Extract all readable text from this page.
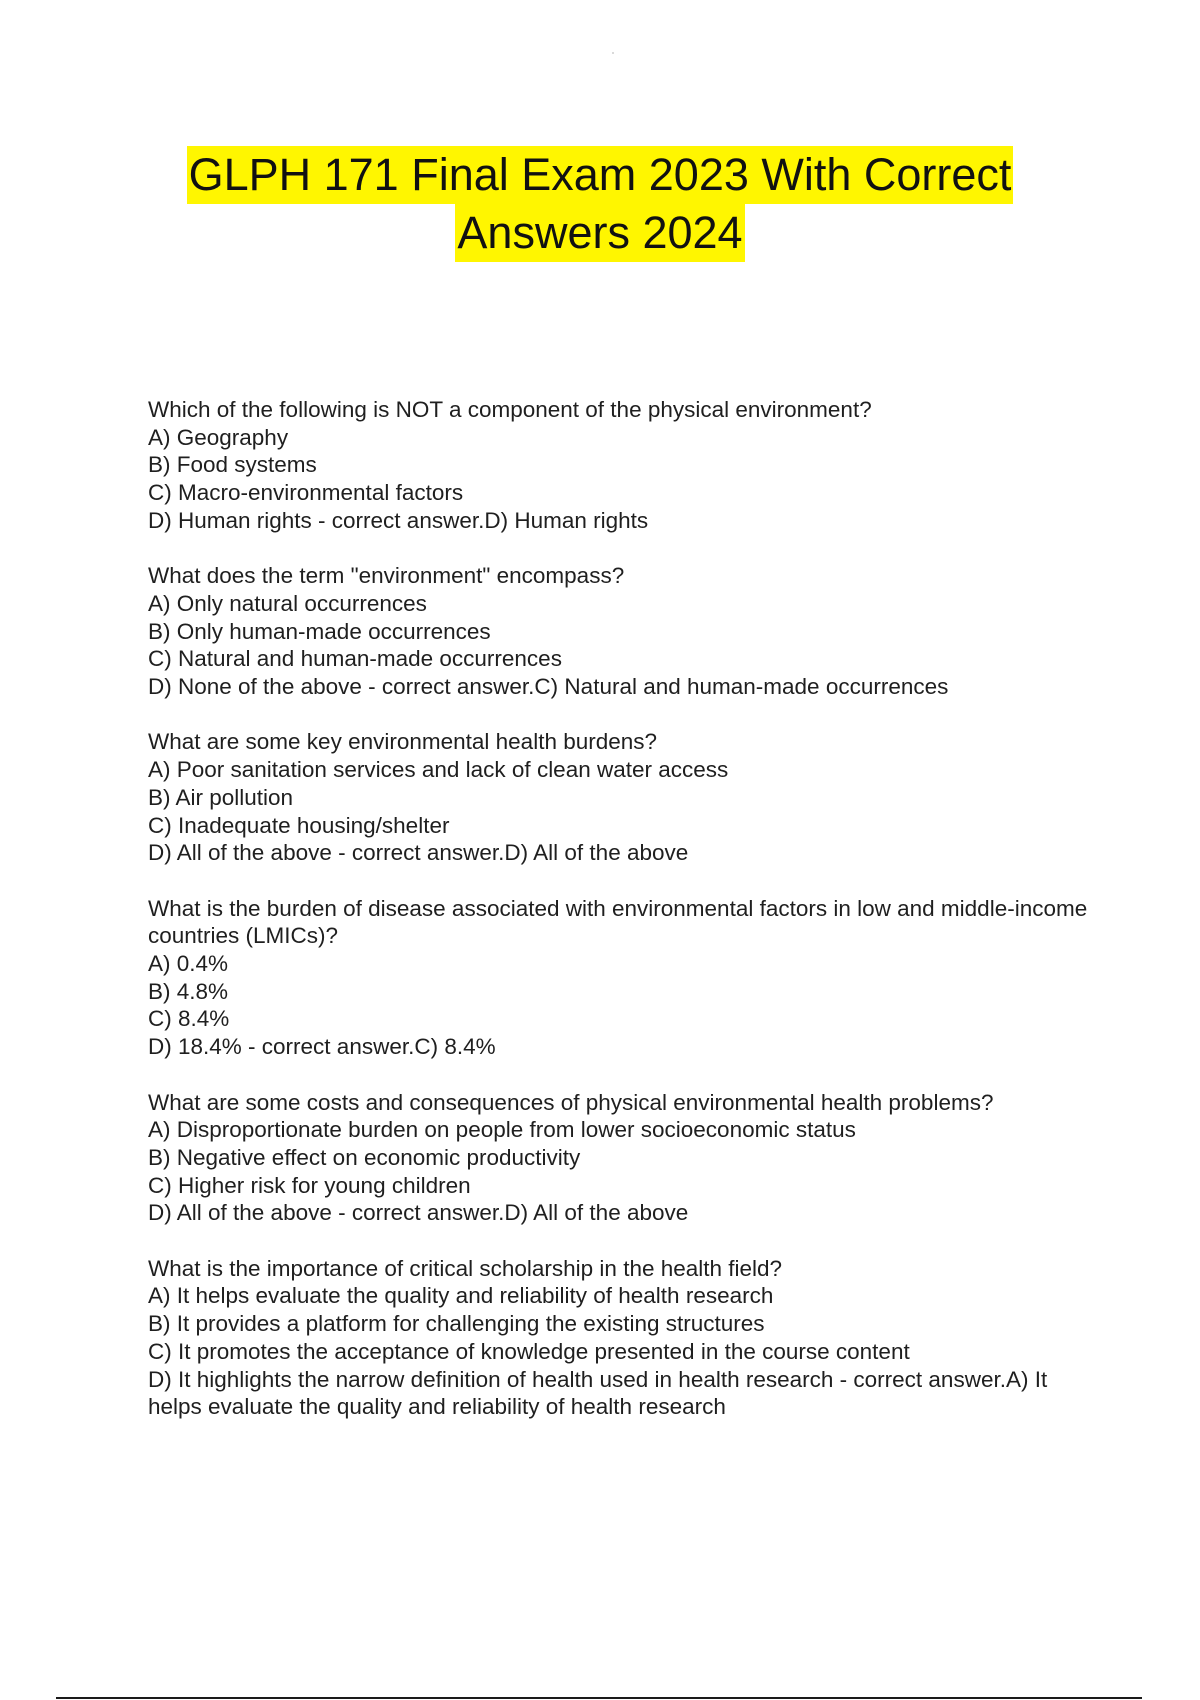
GLPH 171 Final Exam 2023 With Correct
Answers 2024

Which of the following is NOT a component of the physical environment?

A) Geography

B) Food systems

C) Macro-environmental factors

D) Human rights - correct answer.D) Human rights

What does the term "environment" encompass?

A) Only natural occurrences

B) Only human-made occurrences

C) Natural and human-made occurrences

D) None of the above - correct answer.C) Natural and human-made occurrences

What are some key environmental health burdens?

A) Poor sanitation services and lack of clean water access

B) Air pollution

C) Inadequate housing/shelter

D) All of the above - correct answer.D) All of the above

What is the burden of disease associated with environmental factors in low and middle-income countries (LMICs)?

A) 0.4%

B) 4.8%

C) 8.4%

D) 18.4% - correct answer.C) 8.4%

What are some costs and consequences of physical environmental health problems?

A) Disproportionate burden on people from lower socioeconomic status

B) Negative effect on economic productivity

C) Higher risk for young children

D) All of the above - correct answer.D) All of the above

What is the importance of critical scholarship in the health field?

A) It helps evaluate the quality and reliability of health research

B) It provides a platform for challenging the existing structures

C) It promotes the acceptance of knowledge presented in the course content

D) It highlights the narrow definition of health used in health research - correct answer.A) It helps evaluate the quality and reliability of health research
